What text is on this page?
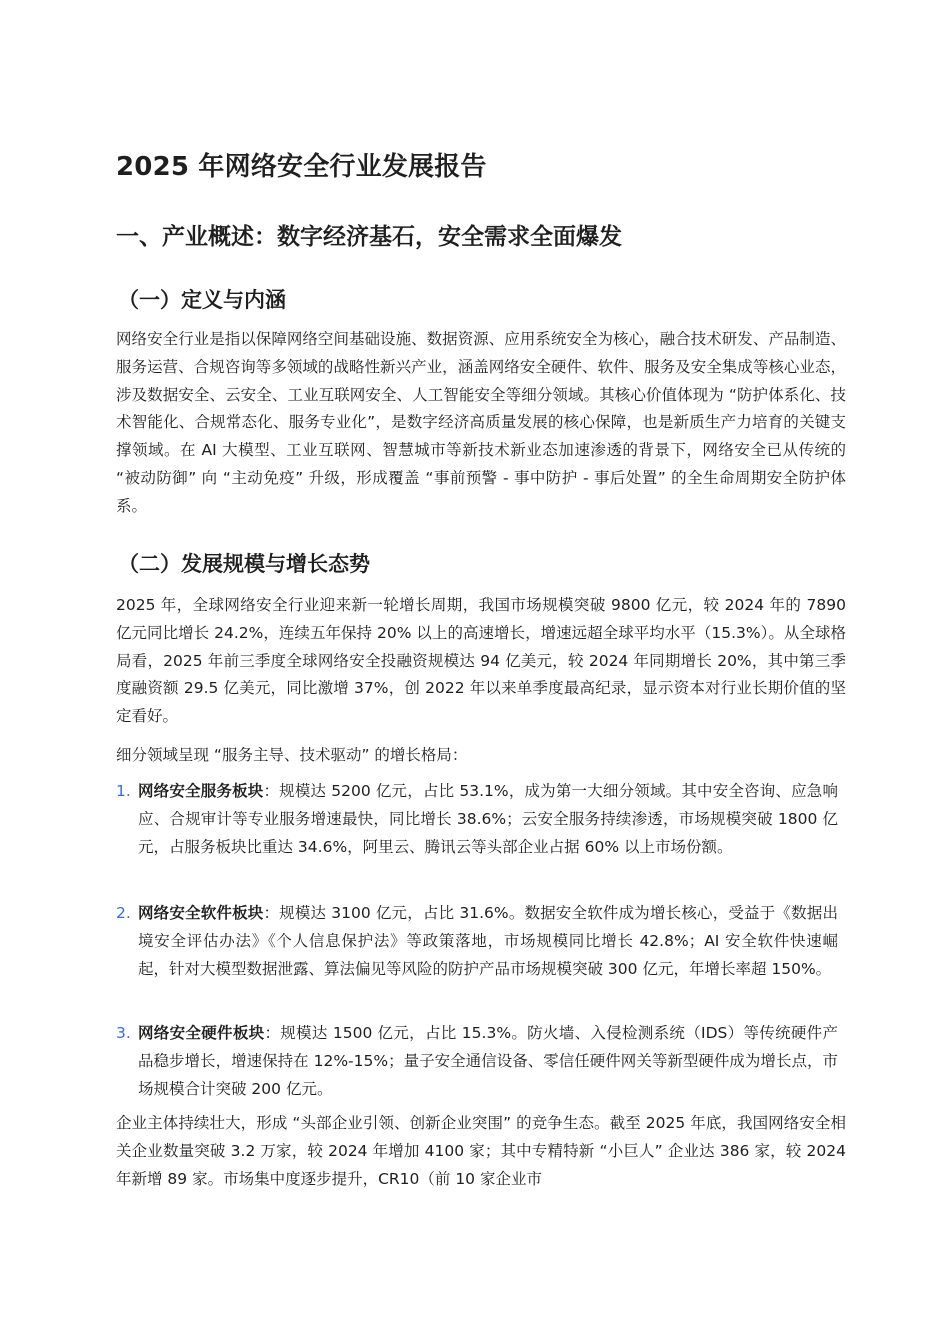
2025 年网络安全行业发展报告
一、产业概述：数字经济基石，安全需求全面爆发
（一）定义与内涵

网络安全行业是指以保障网络空间基础设施、数据资源、应用系统安全为核心，融合技术研发、产品制造、服务运营、合规咨询等多领域的战略性新兴产业，涵盖网络安全硬件、软件、服务及安全集成等核心业态，涉及数据安全、云安全、工业互联网安全、人工智能安全等细分领域。其核心价值体现为 “防护体系化、技术智能化、合规常态化、服务专业化”，是数字经济高质量发展的核心保障，也是新质生产力培育的关键支撑领域。在 AI 大模型、工业互联网、智慧城市等新技术新业态加速渗透的背景下，网络安全已从传统的 “被动防御” 向 “主动免疫” 升级，形成覆盖 “事前预警 - 事中防护 - 事后处置” 的全生命周期安全防护体系。

（二）发展规模与增长态势

2025 年，全球网络安全行业迎来新一轮增长周期，我国市场规模突破 9800 亿元，较 2024 年的 7890 亿元同比增长 24.2%，连续五年保持 20% 以上的高速增长，增速远超全球平均水平（15.3%）。从全球格局看，2025 年前三季度全球网络安全投融资规模达 94 亿美元，较 2024 年同期增长 20%，其中第三季度融资额 29.5 亿美元，同比激增 37%，创 2022 年以来单季度最高纪录，显示资本对行业长期价值的坚定看好。

细分领域呈现 “服务主导、技术驱动” 的增长格局：

1. 网络安全服务板块：规模达 5200 亿元，占比 53.1%，成为第一大细分领域。其中安全咨询、应急响应、合规审计等专业服务增速最快，同比增长 38.6%；云安全服务持续渗透，市场规模突破 1800 亿元，占服务板块比重达 34.6%，阿里云、腾讯云等头部企业占据 60% 以上市场份额。
2. 网络安全软件板块：规模达 3100 亿元，占比 31.6%。数据安全软件成为增长核心，受益于《数据出境安全评估办法》《个人信息保护法》等政策落地，市场规模同比增长 42.8%；AI 安全软件快速崛起，针对大模型数据泄露、算法偏见等风险的防护产品市场规模突破 300 亿元，年增长率超 150%。
3. 网络安全硬件板块：规模达 1500 亿元，占比 15.3%。防火墙、入侵检测系统（IDS）等传统硬件产品稳步增长，增速保持在 12%-15%；量子安全通信设备、零信任硬件网关等新型硬件成为增长点，市场规模合计突破 200 亿元。

企业主体持续壮大，形成 “头部企业引领、创新企业突围” 的竞争生态。截至 2025 年底，我国网络安全相关企业数量突破 3.2 万家，较 2024 年增加 4100 家；其中专精特新 “小巨人” 企业达 386 家，较 2024 年新增 89 家。市场集中度逐步提升，CR10（前 10 家企业市
